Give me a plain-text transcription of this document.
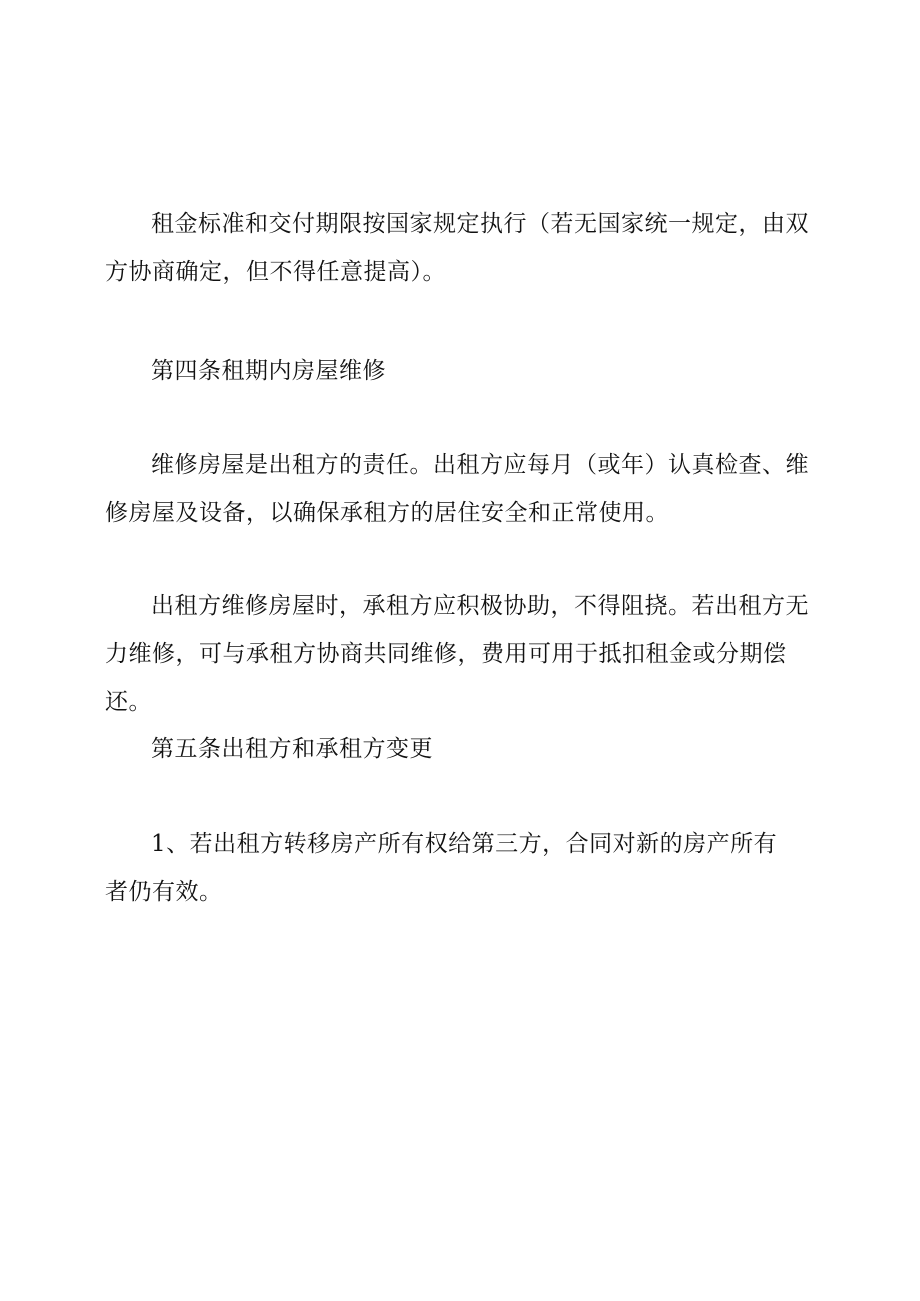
租金标准和交付期限按国家规定执行（若无国家统一规定，由双方协商确定，但不得任意提高）。

第四条租期内房屋维修

维修房屋是出租方的责任。出租方应每月（或年）认真检查、维修房屋及设备，以确保承租方的居住安全和正常使用。

出租方维修房屋时，承租方应积极协助，不得阻挠。若出租方无力维修，可与承租方协商共同维修，费用可用于抵扣租金或分期偿还。

第五条出租方和承租方变更

1、若出租方转移房产所有权给第三方，合同对新的房产所有者仍有效。
